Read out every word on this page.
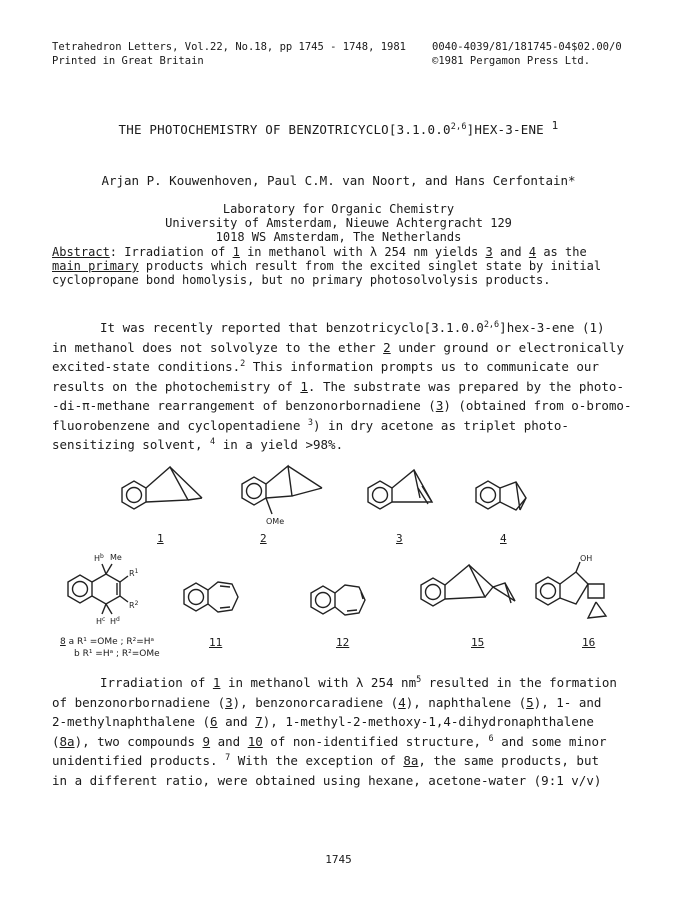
Tetrahedron Letters, Vol.22, No.18, pp 1745 - 1748, 1981
Printed in Great Britain
0040-4039/81/181745-04$02.00/0
©1981 Pergamon Press Ltd.
THE PHOTOCHEMISTRY OF BENZOTRICYCLO[3.1.0.0$^{2,6}$]HEX-3-ENE $^1$
Arjan P. Kouwenhoven, Paul C.M. van Noort, and Hans Cerfontain*
Laboratory for Organic Chemistry
University of Amsterdam, Nieuwe Achtergracht 129
1018 WS Amsterdam, The Netherlands
Abstract: Irradiation of 1 in methanol with λ 254 nm yields 3 and 4 as the
main primary products which result from the excited singlet state by initial
cyclopropane bond homolysis, but no primary photosolvolysis products.
It was recently reported that benzotricyclo[3.1.0.0$^{2,6}$]hex-3-ene (1)
in methanol does not solvolyze to the ether 2 under ground or electronically
excited-state conditions.$^2$ This information prompts us to communicate our
results on the photochemistry of 1. The substrate was prepared by the photo-
-di-π-methane rearrangement of benzonorbornadiene (3) (obtained from o-bromo-
fluorobenzene and cyclopentadiene $^3$) in dry acetone as triplet photo-
sensitizing solvent, $^4$ in a yield >98%.
1
OMe
2	3	4
$H^b$ Me
$R^1$
$R^2$
$H^c$ $H^d$
8 a R¹ =OMe ; R²=Hᵃ
b R¹ =Hᵃ ; R²=OMe
11	12	15
OH
16
Irradiation of 1 in methanol with λ 254 $nm^5$ resulted in the formation
of benzonorbornadiene (3), benzonorcaradiene (4), naphthalene (5), 1- and
2-methylnaphthalene (6 and 7), 1-methyl-2-methoxy-1,4-dihydronaphthalene
(8a), two compounds 9 and 10 of non-identified structure, $^6$ and some minor
unidentified products. $^7$ With the exception of 8a, the same products, but
in a different ratio, were obtained using hexane, acetone-water (9:1 v/v)
1745
